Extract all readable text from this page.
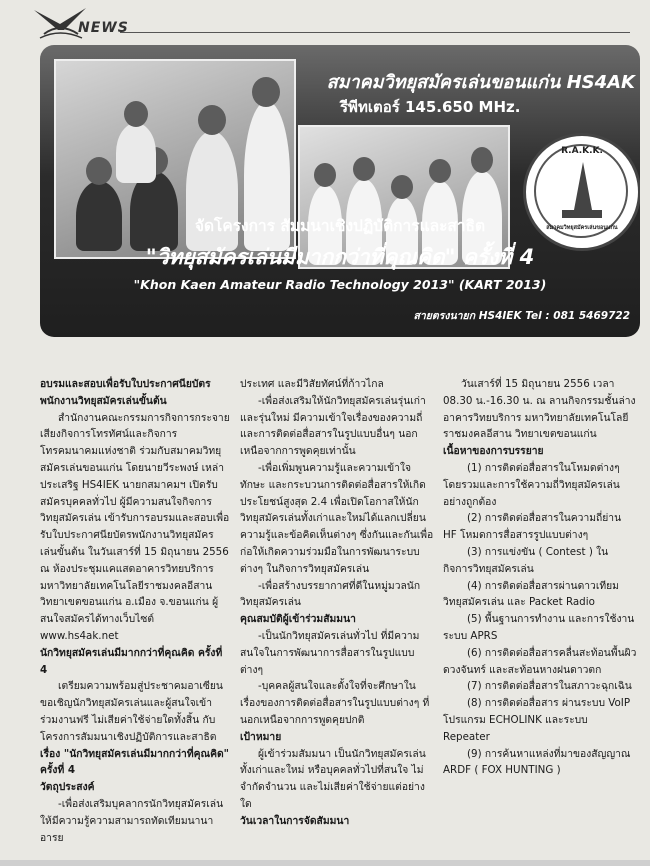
NEWS
R.A.K.K.
สมาคมวิทยุสมัครเล่นขอนแก่น
สมาคมวิทยุสมัครเล่นขอนแก่น HS4AK
รีพีทเตอร์ 145.650 MHz.
จัดโครงการ สัมมนาเชิงปฏิบัติการและสาธิต
"วิทยุสมัครเล่นมีมากกว่าที่คุณคิด" ครั้งที่ 4
"Khon Kaen Amateur Radio Technology 2013" (KART 2013)
สายตรงนายก HS4IEK Tel : 081 5469722

อบรมและสอบเพื่อรับใบประกาศนียบัตรพนักงานวิทยุสมัครเล่นขั้นต้น

สำนักงานคณะกรรมการกิจการกระจายเสียงกิจการโทรทัศน์และกิจการโทรคมนาคมแห่งชาติ ร่วมกับสมาคมวิทยุสมัครเล่นขอนแก่น โดยนายวีระพงษ์ เหล่าประเสริฐ HS4IEK นายกสมาคมฯ เปิดรับสมัครบุคคลทั่วไป ผู้มีความสนใจกิจการวิทยุสมัครเล่น เข้ารับการอบรมและสอบเพื่อรับใบประกาศนียบัตรพนักงานวิทยุสมัครเล่นขั้นต้น ในวันเสาร์ที่ 15 มิถุนายน 2556 ณ ห้องประชุมแคแสดอาคารวิทยบริการ มหาวิทยาลัยเทคโนโลยีราชมงคลอีสาน วิทยาเขตขอนแก่น อ.เมือง จ.ขอนแก่น ผู้สนใจสมัครได้ทางเว็บไซต์ www.hs4ak.net

นักวิทยุสมัครเล่นมีมากกว่าที่คุณคิด ครั้งที่ 4

เตรียมความพร้อมสู่ประชาคมอาเซียนขอเชิญนักวิทยุสมัครเล่นและผู้สนใจเข้าร่วมงานฟรี ไม่เสียค่าใช้จ่ายใดทั้งสิ้น กับโครงการสัมมนาเชิงปฏิบัติการและสาธิต เรื่อง "นักวิทยุสมัครเล่นมีมากกว่าที่คุณคิด" ครั้งที่ 4

วัตถุประสงค์

-เพื่อส่งเสริมบุคลากรนักวิทยุสมัครเล่นให้มีความรู้ความสามารถทัดเทียมนานาอารย

ประเทศ และมีวิสัยทัศน์ที่ก้าวไกล

-เพื่อส่งเสริมให้นักวิทยุสมัครเล่นรุ่นเก่าและรุ่นใหม่ มีความเข้าใจเรื่องของความถี่และการติดต่อสื่อสารในรูปแบบอื่นๆ นอกเหนือจากการพูดคุยเท่านั้น

-เพื่อเพิ่มพูนความรู้และความเข้าใจทักษะ และกระบวนการติดต่อสื่อสารให้เกิดประโยชน์สูงสุด 2.4 เพื่อเปิดโอกาสให้นักวิทยุสมัครเล่นทั้งเก่าและใหม่ได้แลกเปลี่ยนความรู้และข้อคิดเห็นต่างๆ ซึ่งกันและกันเพื่อก่อให้เกิดความร่วมมือในการพัฒนาระบบต่างๆ ในกิจการวิทยุสมัครเล่น

-เพื่อสร้างบรรยากาศที่ดีในหมู่มวลนักวิทยุสมัครเล่น

คุณสมบัติผู้เข้าร่วมสัมมนา

-เป็นนักวิทยุสมัครเล่นทั่วไป ที่มีความสนใจในการพัฒนาการสื่อสารในรูปแบบต่างๆ

-บุคคลผู้สนใจและตั้งใจที่จะศึกษาในเรื่องของการติดต่อสื่อสารในรูปแบบต่างๆ ที่นอกเหนือจากการพูดคุยปกติ

เป้าหมาย

ผู้เข้าร่วมสัมมนา เป็นนักวิทยุสมัครเล่นทั้งเก่าและใหม่ หรือบุคคลทั่วไปที่สนใจ ไม่จำกัดจำนวน และไม่เสียค่าใช้จ่ายแต่อย่างใด

วันเวลาในการจัดสัมมนา

วันเสาร์ที่ 15 มิถุนายน 2556 เวลา 08.30 น.-16.30 น. ณ ลานกิจกรรมชั้นล่าง อาคารวิทยบริการ มหาวิทยาลัยเทคโนโลยีราชมงคลอีสาน วิทยาเขตขอนแก่น

เนื้อหาของการบรรยาย

(1) การติดต่อสื่อสารในโหมดต่างๆ โดยรวมและการใช้ความถี่วิทยุสมัครเล่นอย่างถูกต้อง

(2) การติดต่อสื่อสารในความถี่ย่าน HF โหมดการสื่อสารรูปแบบต่างๆ

(3) การแข่งขัน ( Contest ) ในกิจการวิทยุสมัครเล่น

(4) การติดต่อสื่อสารผ่านดาวเทียมวิทยุสมัครเล่น และ Packet Radio

(5) พื้นฐานการทำงาน และการใช้งานระบบ APRS

(6) การติดต่อสื่อสารคลื่นสะท้อนพื้นผิวดวงจันทร์ และสะท้อนหางฝนดาวตก

(7) การติดต่อสื่อสารในสภาวะฉุกเฉิน

(8) การติดต่อสื่อสาร ผ่านระบบ VoIP โปรแกรม ECHOLINK และระบบ Repeater

(9) การค้นหาแหล่งที่มาของสัญญาณ ARDF ( FOX HUNTING )
